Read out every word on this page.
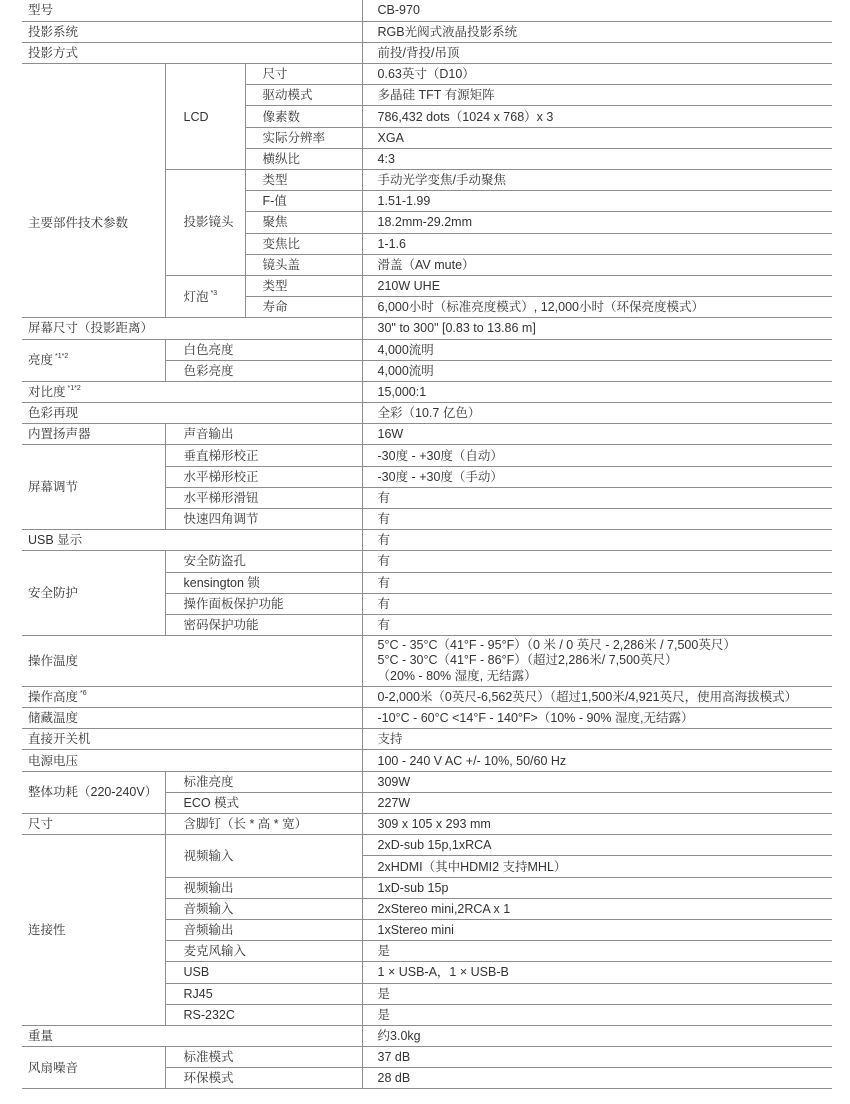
型号			CB-970
投影系统			RGB光阀式液晶投影系统
投影方式			前投/背投/吊顶
主要部件技术参数	LCD	尺寸	0.63英寸（D10）
		驱动模式	多晶硅 TFT 有源矩阵
		像素数	786,432 dots（1024 x 768）x 3
		实际分辨率	XGA
		横纵比	4:3
	投影镜头	类型	手动光学变焦/手动聚焦
		F-值	1.51-1.99
		聚焦	18.2mm-29.2mm
		变焦比	1-1.6
		镜头盖	滑盖（AV mute）
	灯泡 $^{*3}$	类型	210W UHE
		寿命	6,000小时（标准亮度模式）, 12,000小时（环保亮度模式）
屏幕尺寸（投影距离）			30" to 300" [0.83 to 13.86 m]
亮度 $^{*1*2}$	白色亮度		4,000流明
	色彩亮度		4,000流明
对比度 $^{*1*2}$			15,000:1
色彩再现			全彩（10.7 亿色）
内置扬声器	声音输出		16W
屏幕调节	垂直梯形校正		-30度 - +30度（自动）
	水平梯形校正		-30度 - +30度（手动）
	水平梯形滑钮		有
	快速四角调节		有
USB 显示			有
安全防护	安全防盗孔		有
	kensington 锁		有
	操作面板保护功能		有
	密码保护功能		有
操作温度			5°C - 35°C（41°F - 95°F）（0 米 / 0 英尺 - 2,286米 / 7,500英尺）
5°C - 30°C（41°F - 86°F）（超过2,286米/ 7,500英尺）
（20% - 80% 湿度, 无结露）

操作高度 $^{*6}$			0-2,000米（0英尺-6,562英尺）（超过1,500米/4,921英尺，使用高海拔模式）
储藏温度			-10°C - 60°C <14°F - 140°F>（10% - 90% 湿度,无结露）
直接开关机			支持
电源电压			100 - 240 V AC +/- 10%, 50/60 Hz
整体功耗（220-240V）	标准亮度		309W
	ECO 模式		227W
尺寸	含脚钉（长 * 高 * 宽）		309 x 105 x 293 mm
连接性	视频输入		2xD-sub 15p,1xRCA
			2xHDMI（其中HDMI2 支持MHL）
	视频输出		1xD-sub 15p
	音频输入		2xStereo mini,2RCA x 1
	音频输出		1xStereo mini
	麦克风输入		是
	USB		1 × USB-A，1 × USB-B
	RJ45		是
	RS-232C		是
重量			约3.0kg
风扇噪音	标准模式		37 dB
	环保模式		28 dB
